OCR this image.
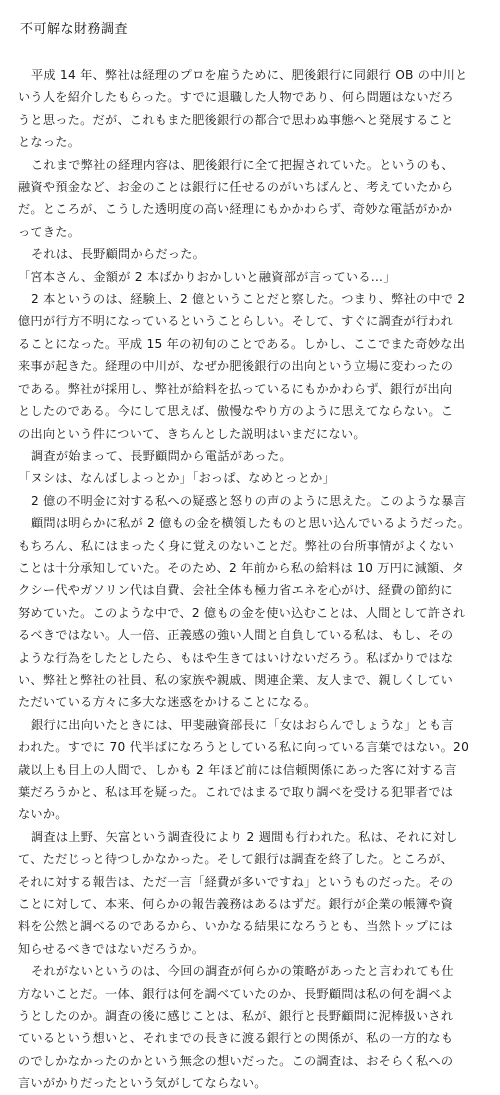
不可解な財務調査

平成 14 年、弊社は経理のプロを雇うために、肥後銀行に同銀行 OB の中川と

いう人を紹介したもらった。すでに退職した人物であり、何ら問題はないだろ

うと思った。だが、これもまた肥後銀行の都合で思わぬ事態へと発展すること

となった。

これまで弊社の経理内容は、肥後銀行に全て把握されていた。というのも、

融資や預金など、お金のことは銀行に任せるのがいちばんと、考えていたから

だ。ところが、こうした透明度の高い経理にもかかわらず、奇妙な電話がかか

ってきた。

それは、長野顧問からだった。

「宮本さん、金額が 2 本ばかりおかしいと融資部が言っている…」

2 本というのは、経験上、2 億ということだと察した。つまり、弊社の中で 2

億円が行方不明になっているということらしい。そして、すぐに調査が行われ

ることになった。平成 15 年の初旬のことである。しかし、ここでまた奇妙な出

来事が起きた。経理の中川が、なぜか肥後銀行の出向という立場に変わったの

である。弊社が採用し、弊社が給料を払っているにもかかわらず、銀行が出向

としたのである。今にして思えば、傲慢なやり方のように思えてならない。こ

の出向という件について、きちんとした説明はいまだにない。

調査が始まって、長野顧問から電話があった。

「ヌシは、なんばしよっとか」「おっぱ、なめとっとか」

2 億の不明金に対する私への疑惑と怒りの声のように思えた。このような暴言

顧問は明らかに私が 2 億もの金を横領したものと思い込んでいるようだった。

もちろん、私にはまったく身に覚えのないことだ。弊社の台所事情がよくない

ことは十分承知していた。そのため、2 年前から私の給料は 10 万円に減額、タ

クシー代やガソリン代は自費、会社全体も極力省エネを心がけ、経費の節約に

努めていた。このような中で、2 億もの金を使い込むことは、人間として許され

るべきではない。人一倍、正義感の強い人間と自負している私は、もし、その

ような行為をしたとしたら、もはや生きてはいけないだろう。私ばかりではな

い、弊社と弊社の社員、私の家族や親戚、関連企業、友人まで、親しくしてい

ただいている方々に多大な迷惑をかけることになる。

銀行に出向いたときには、甲斐融資部長に「女はおらんでしょうな」とも言

われた。すでに 70 代半ばになろうとしている私に向っている言葉ではない。20

歳以上も目上の人間で、しかも 2 年ほど前には信頼関係にあった客に対する言

葉だろうかと、私は耳を疑った。これではまるで取り調べを受ける犯罪者では

ないか。

調査は上野、矢富という調査役により 2 週間も行われた。私は、それに対し

て、ただじっと待つしかなかった。そして銀行は調査を終了した。ところが、

それに対する報告は、ただ一言「経費が多いですね」というものだった。その

ことに対して、本来、何らかの報告義務はあるはずだ。銀行が企業の帳簿や資

料を公然と調べるのであるから、いかなる結果になろうとも、当然トップには

知らせるべきではないだろうか。

それがないというのは、今回の調査が何らかの策略があったと言われても仕

方ないことだ。一体、銀行は何を調べていたのか、長野顧問は私の何を調べよ

うとしたのか。調査の後に感じことは、私が、銀行と長野顧問に泥棒扱いされ

ているという想いと、それまでの長きに渡る銀行との関係が、私の一方的なも

のでしかなかったのかという無念の想いだった。この調査は、おそらく私への

言いがかりだったという気がしてならない。
